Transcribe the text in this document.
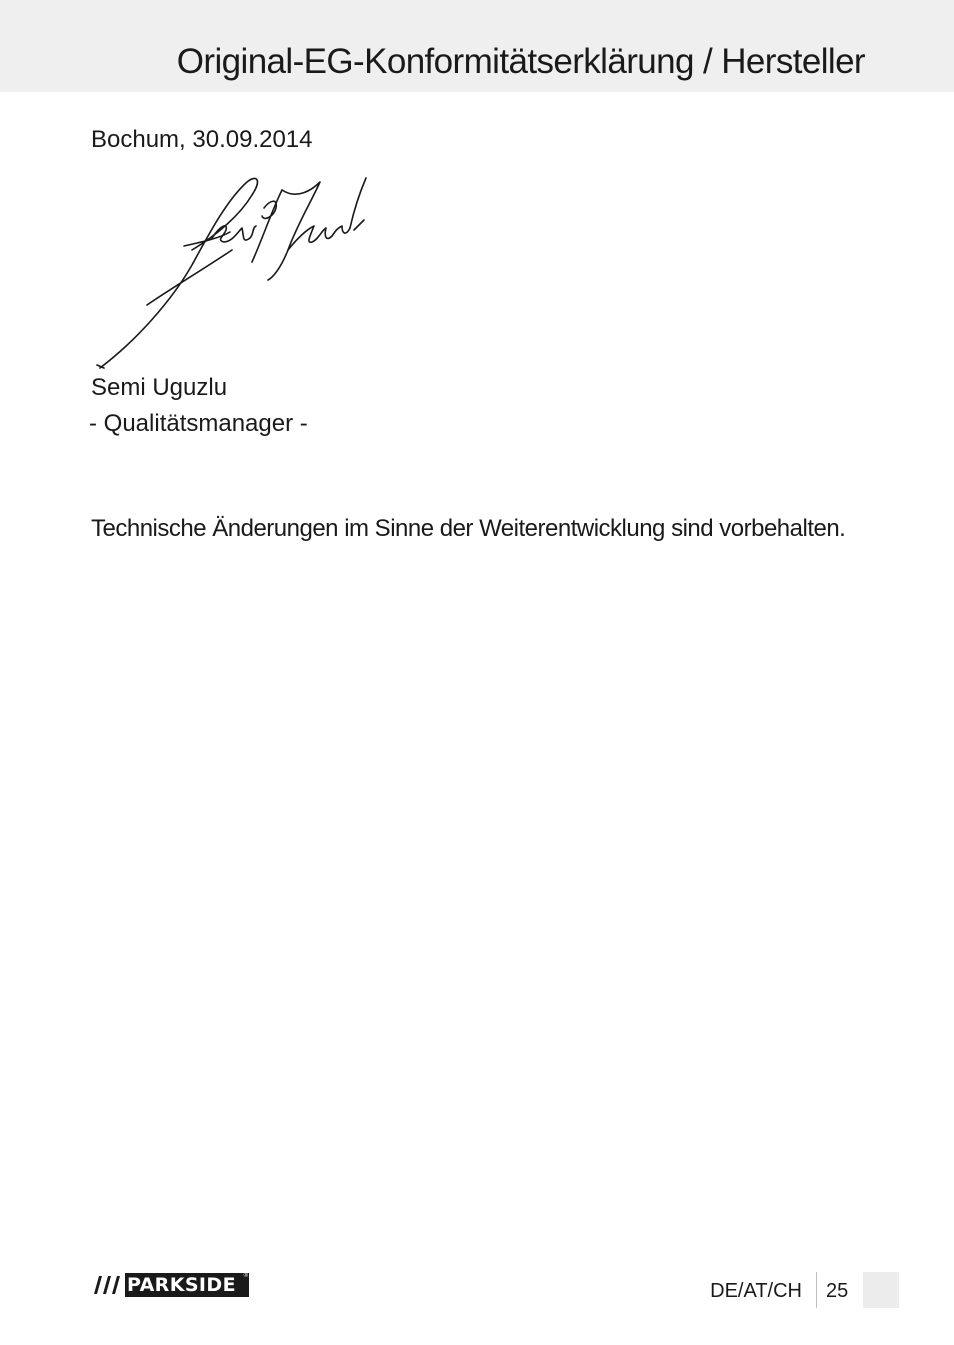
Original-EG-Konformitätserklärung / Hersteller
Bochum, 30.09.2014
Semi Uguzlu
- Qualitätsmanager -
Technische Änderungen im Sinne der Weiterentwicklung sind vorbehalten.
PARKSIDE ®
DE/AT/CH 25
